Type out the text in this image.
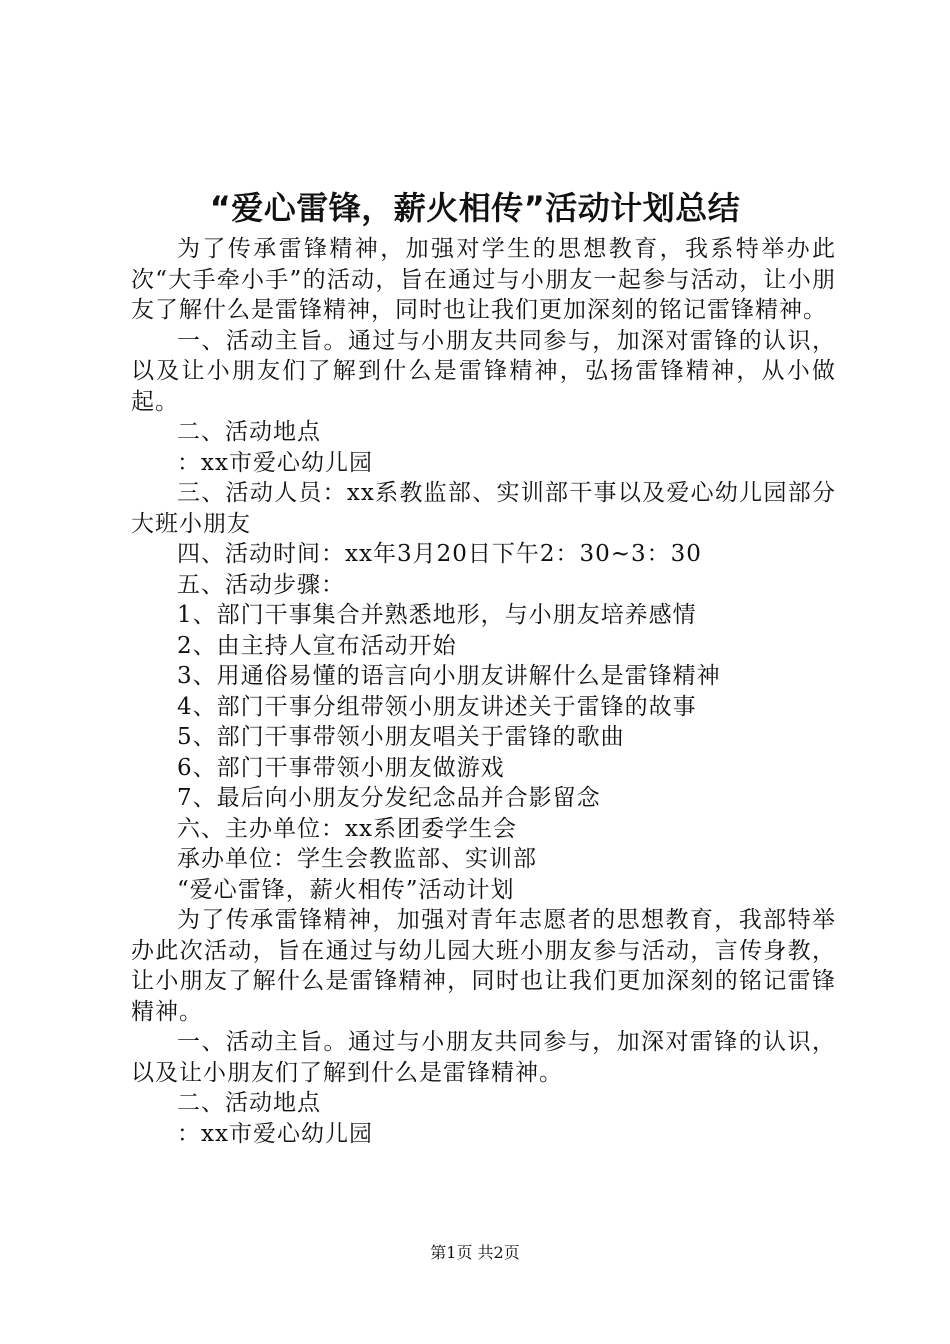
“爱心雷锋，薪火相传”活动计划总结

为了传承雷锋精神，加强对学生的思想教育，我系特举办此次“大手牵小手”的活动，旨在通过与小朋友一起参与活动，让小朋友了解什么是雷锋精神，同时也让我们更加深刻的铭记雷锋精神。

一、活动主旨。通过与小朋友共同参与，加深对雷锋的认识，以及让小朋友们了解到什么是雷锋精神，弘扬雷锋精神，从小做起。

二、活动地点

：xx市爱心幼儿园

三、活动人员：xx系教监部、实训部干事以及爱心幼儿园部分大班小朋友

四、活动时间：xx年3月20日下午2：30~3：30

五、活动步骤：

1、部门干事集合并熟悉地形，与小朋友培养感情

2、由主持人宣布活动开始

3、用通俗易懂的语言向小朋友讲解什么是雷锋精神

4、部门干事分组带领小朋友讲述关于雷锋的故事

5、部门干事带领小朋友唱关于雷锋的歌曲

6、部门干事带领小朋友做游戏

7、最后向小朋友分发纪念品并合影留念

六、主办单位：xx系团委学生会

承办单位：学生会教监部、实训部

“爱心雷锋，薪火相传”活动计划

为了传承雷锋精神，加强对青年志愿者的思想教育，我部特举办此次活动，旨在通过与幼儿园大班小朋友参与活动，言传身教，让小朋友了解什么是雷锋精神，同时也让我们更加深刻的铭记雷锋精神。

一、活动主旨。通过与小朋友共同参与，加深对雷锋的认识，以及让小朋友们了解到什么是雷锋精神。

二、活动地点

：xx市爱心幼儿园

第1页 共2页
